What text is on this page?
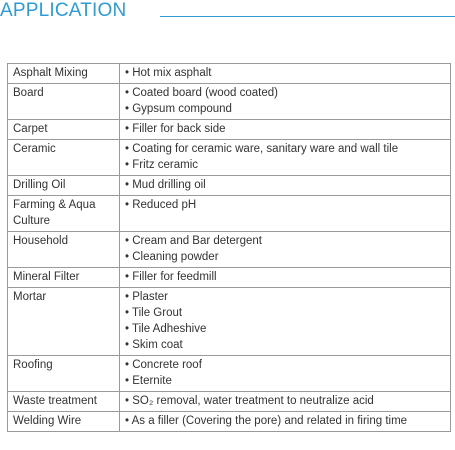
APPLICATION
Asphalt Mixing	• Hot mix asphalt

Board	• Coated board (wood coated)
• Gypsum compound

Carpet	• Filler for back side

Ceramic	• Coating for ceramic ware, sanitary ware and wall tile
• Fritz ceramic

Drilling Oil	• Mud drilling oil

Farming & Aqua Culture	• Reduced pH

Household	• Cream and Bar detergent
• Cleaning powder

Mineral Filter	• Filler for feedmill

Mortar	• Plaster
• Tile Grout
• Tile Adheshive
• Skim coat

Roofing	• Concrete roof
• Eternite

Waste treatment	• SO₂ removal, water treatment to neutralize acid

Welding Wire	• As a filler (Covering the pore) and related in firing time
